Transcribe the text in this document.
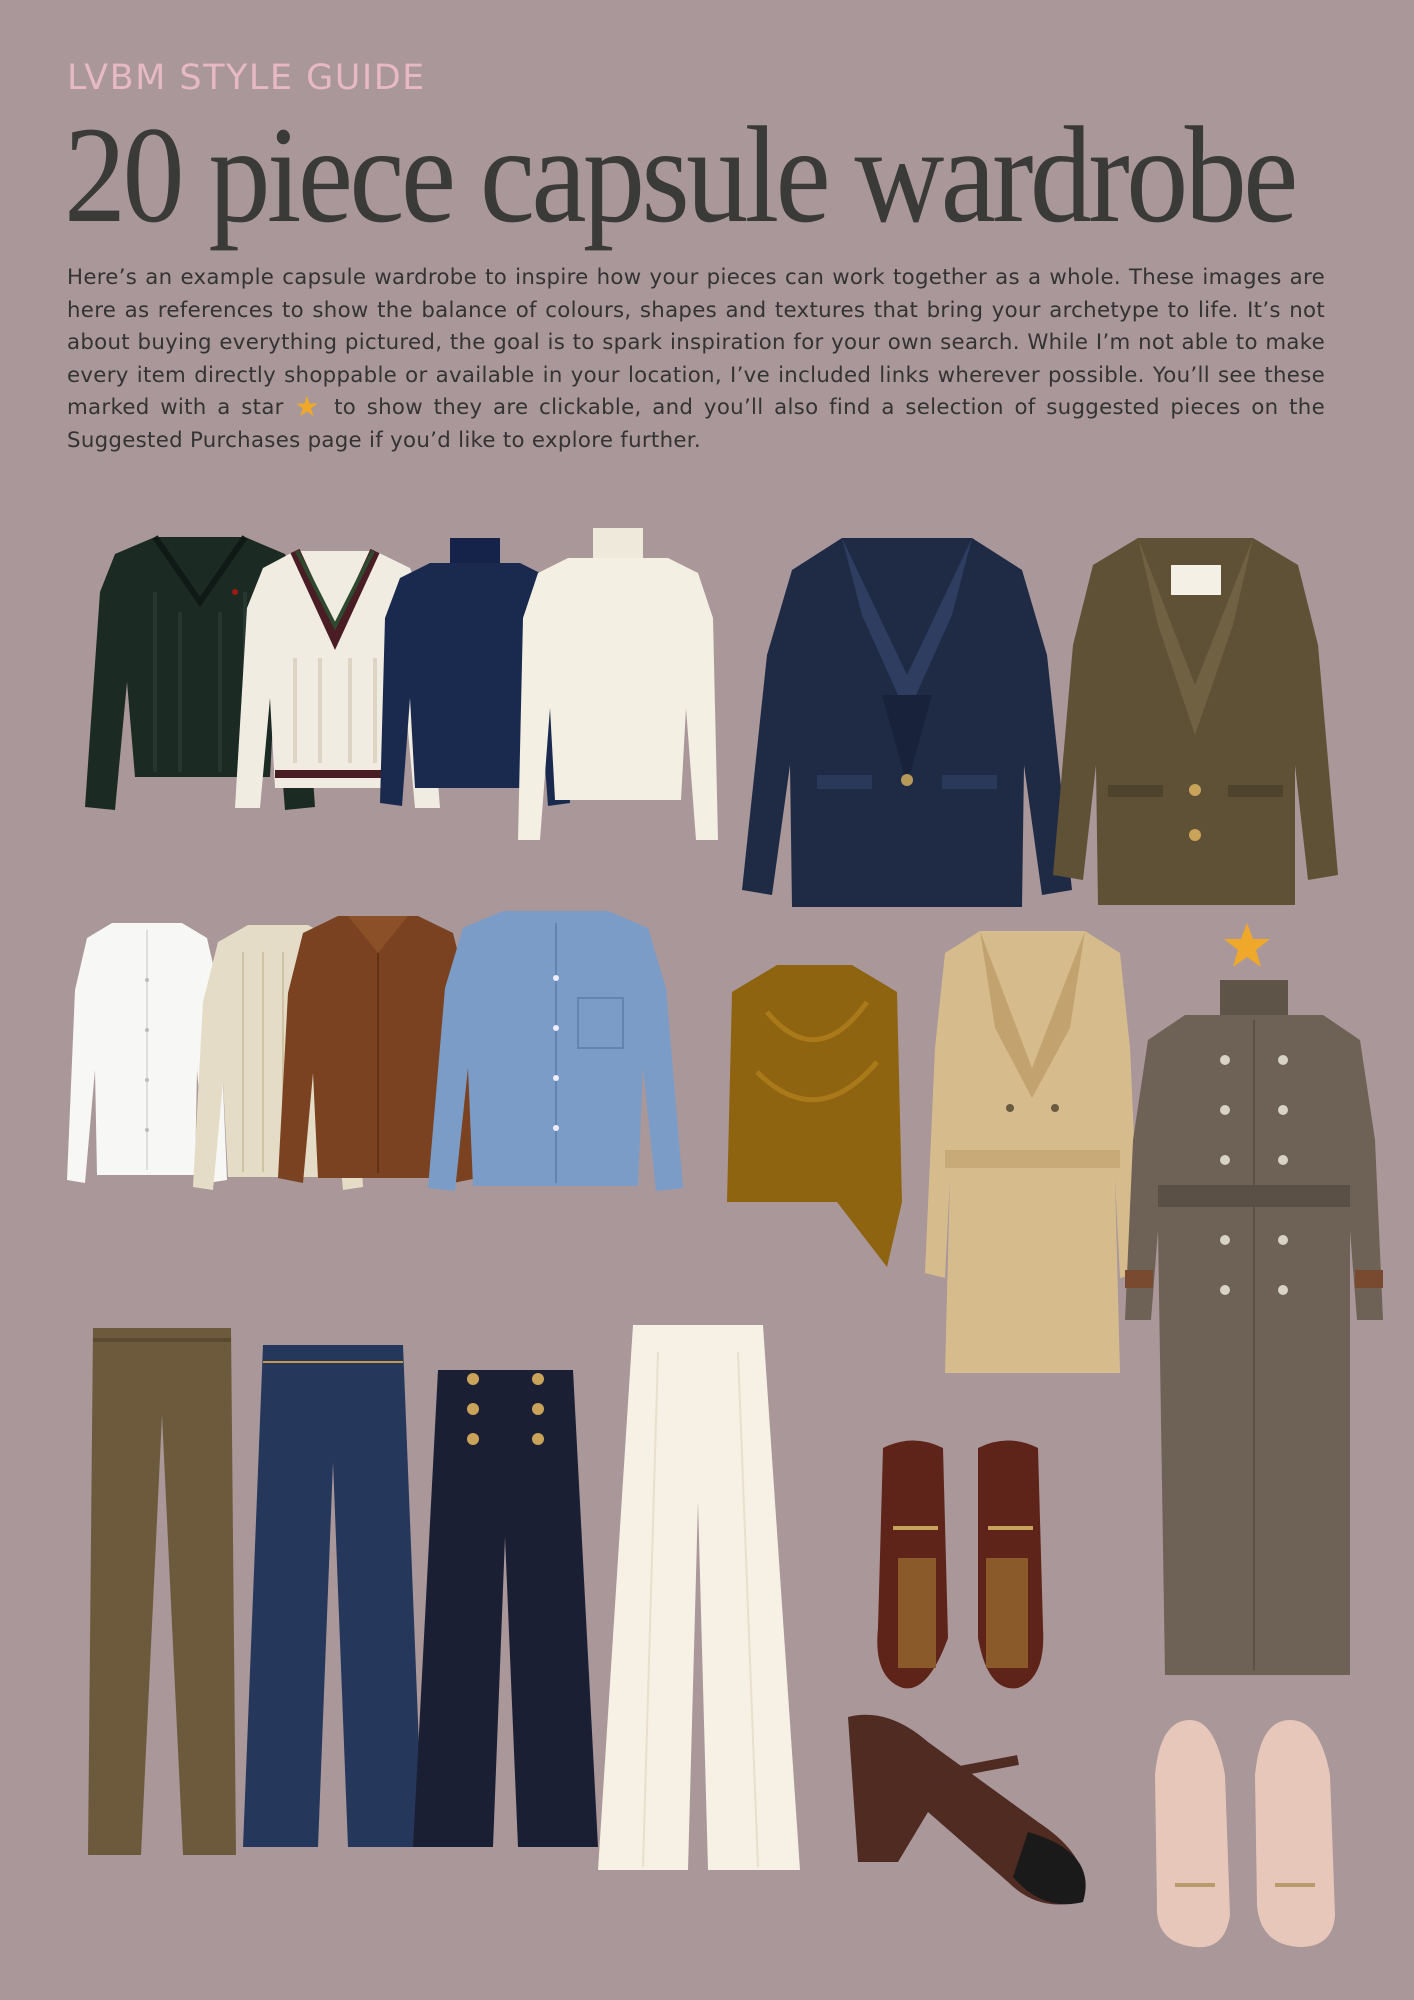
LVBM STYLE GUIDE
20 piece capsule wardrobe

Here’s an example capsule wardrobe to inspire how your pieces can work together as a whole. These images are here as references to show the balance of colours, shapes and textures that bring your archetype to life. It’s not about buying everything pictured, the goal is to spark inspiration for your own search. While I’m not able to make every item directly shoppable or available in your location, I’ve included links wherever possible. You’ll see these marked with a star ★ to show they are clickable, and you’ll also find a selection of suggested pieces on the Suggested Purchases page if you’d like to explore further.
